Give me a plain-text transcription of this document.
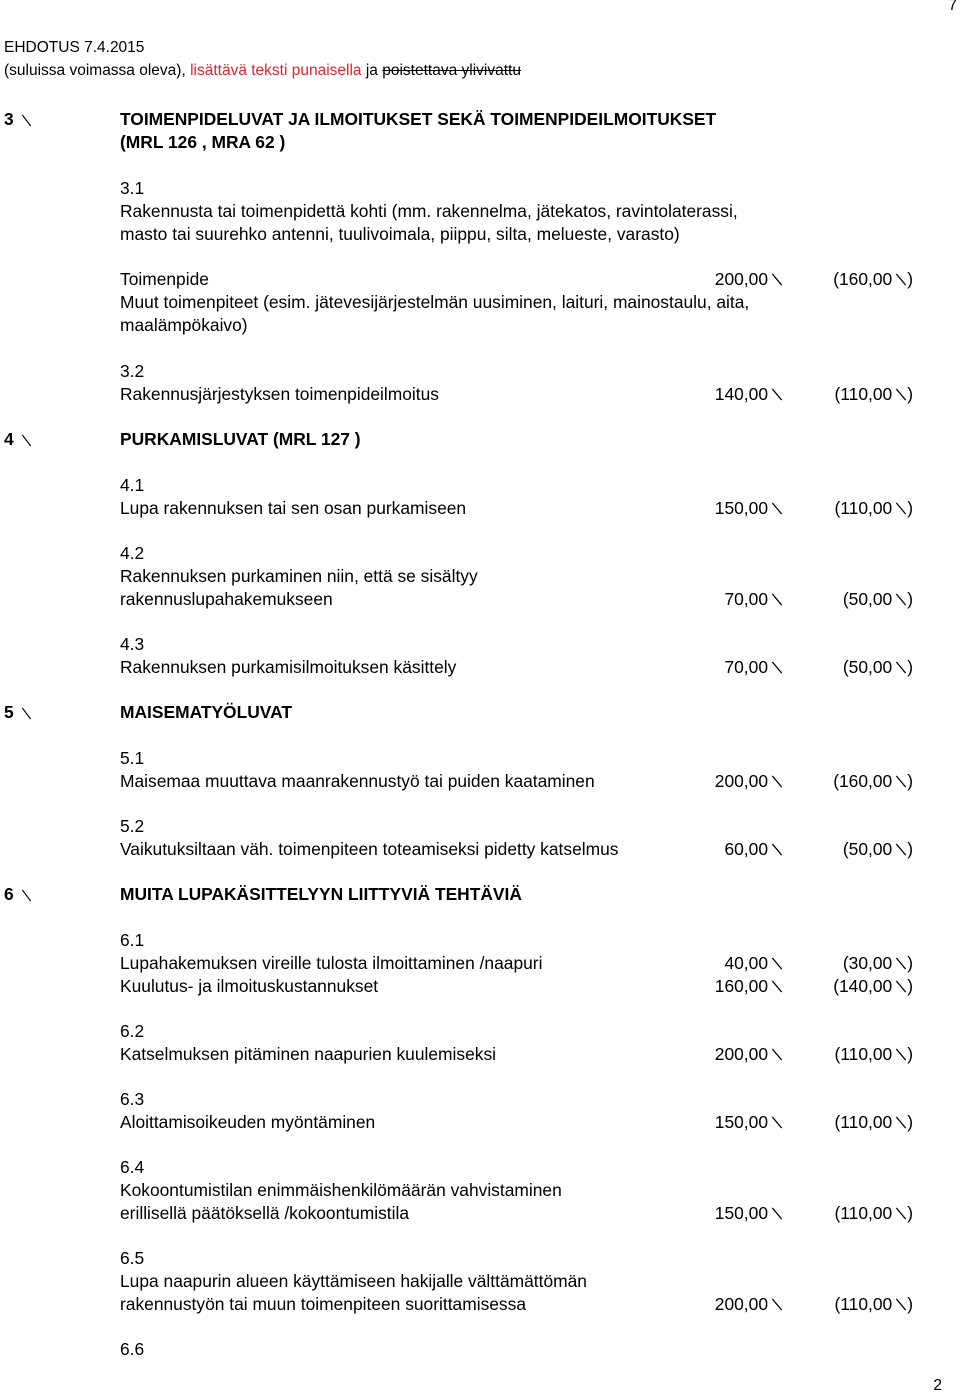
7
EHDOTUS 7.4.2015
(suluissa voimassa oleva), lisättävä teksti punaisella ja poistettava ylivivattu
3	TOIMENPIDELUVAT JA ILMOITUKSET SEKÄ TOIMENPIDEILMOITUKSET
(MRL 126 , MRA 62 )
3.1
Rakennusta tai toimenpidettä kohti (mm. rakennelma, jätekatos, ravintolaterassi,
masto tai suurehko antenni, tuulivoimala, piippu, silta, melueste, varasto)
Toimenpide	200,00	(160,00 )
Muut toimenpiteet (esim. jätevesijärjestelmän uusiminen, laituri, mainostaulu, aita,
maalämpökaivo)
3.2
Rakennusjärjestyksen toimenpideilmoitus	140,00	(110,00 )
4	PURKAMISLUVAT (MRL 127 )
4.1
Lupa rakennuksen tai sen osan purkamiseen	150,00	(110,00 )
4.2
Rakennuksen purkaminen niin, että se sisältyy
rakennuslupahakemukseen	70,00	(50,00 )
4.3
Rakennuksen purkamisilmoituksen käsittely	70,00	(50,00 )
5	MAISEMATYÖLUVAT
5.1
Maisemaa muuttava maanrakennustyö tai puiden kaataminen	200,00	(160,00 )
5.2
Vaikutuksiltaan väh. toimenpiteen toteamiseksi pidetty katselmus	60,00	(50,00 )
6	MUITA LUPAKÄSITTELYYN LIITTYVIÄ TEHTÄVIÄ
6.1
Lupahakemuksen vireille tulosta ilmoittaminen /naapuri	40,00	(30,00 )
Kuulutus- ja ilmoituskustannukset	160,00	(140,00 )
6.2
Katselmuksen pitäminen naapurien kuulemiseksi	200,00	(110,00 )
6.3
Aloittamisoikeuden myöntäminen	150,00	(110,00 )
6.4
Kokoontumistilan enimmäishenkilömäärän vahvistaminen
erillisellä päätöksellä /kokoontumistila	150,00	(110,00 )
6.5
Lupa naapurin alueen käyttämiseen hakijalle välttämättömän
rakennustyön tai muun toimenpiteen suorittamisessa	200,00	(110,00 )
6.6
2
